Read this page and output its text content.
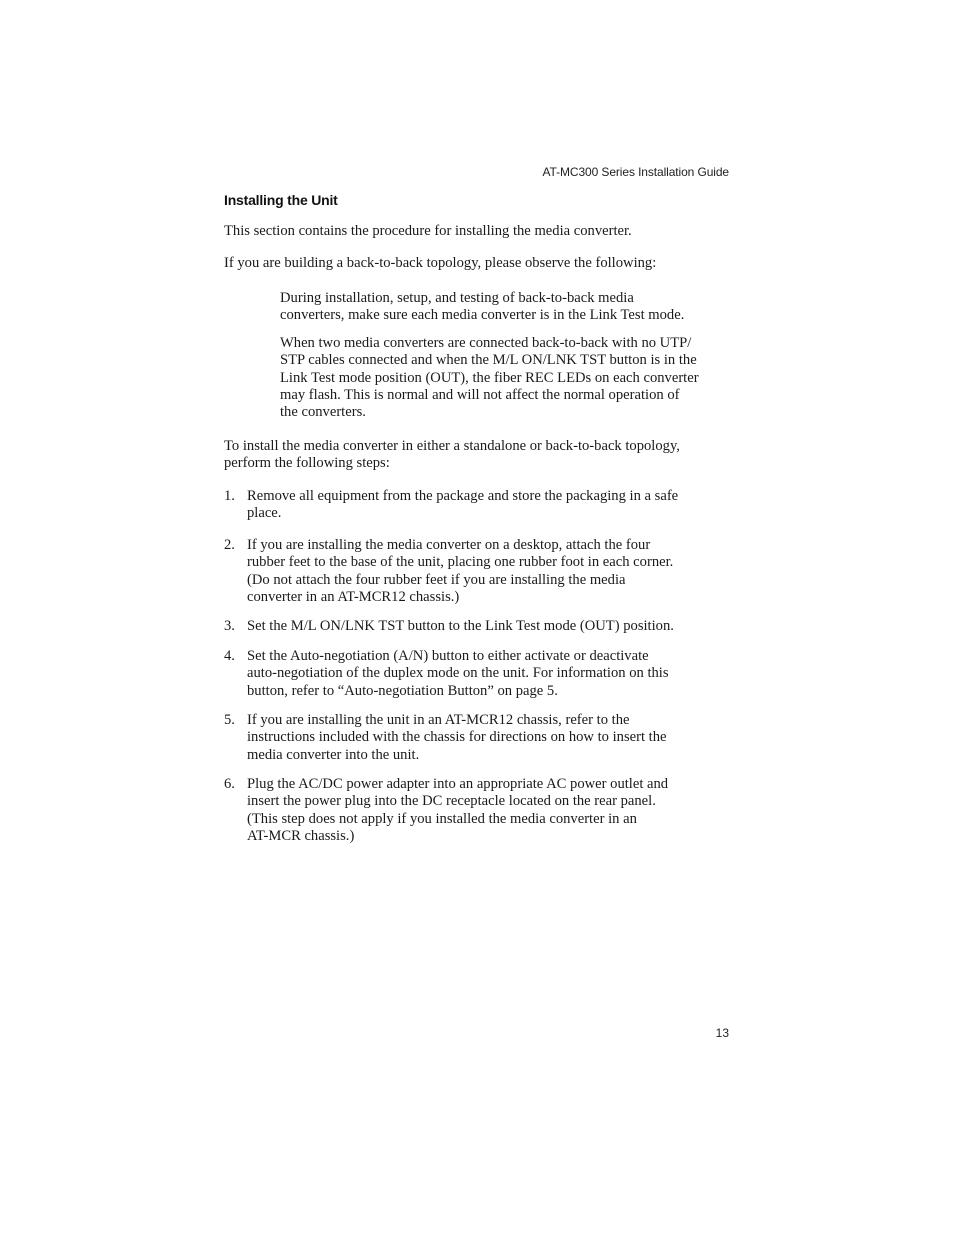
AT-MC300 Series Installation Guide
Installing the Unit

This section contains the procedure for installing the media converter.

If you are building a back-to-back topology, please observe the following:

During installation, setup, and testing of back-to-back media
converters, make sure each media converter is in the Link Test mode.

When two media converters are connected back-to-back with no UTP/
STP cables connected and when the M/L ON/LNK TST button is in the
Link Test mode position (OUT), the fiber REC LEDs on each converter
may flash. This is normal and will not affect the normal operation of
the converters.

To install the media converter in either a standalone or back-to-back topology,
perform the following steps:

1. Remove all equipment from the package and store the packaging in a safe
place.
2. If you are installing the media converter on a desktop, attach the four
rubber feet to the base of the unit, placing one rubber foot in each corner.
(Do not attach the four rubber feet if you are installing the media
converter in an AT-MCR12 chassis.)
3. Set the M/L ON/LNK TST button to the Link Test mode (OUT) position.
4. Set the Auto-negotiation (A/N) button to either activate or deactivate
auto-negotiation of the duplex mode on the unit. For information on this
button, refer to “Auto-negotiation Button” on page 5.
5. If you are installing the unit in an AT-MCR12 chassis, refer to the
instructions included with the chassis for directions on how to insert the
media converter into the unit.
6. Plug the AC/DC power adapter into an appropriate AC power outlet and
insert the power plug into the DC receptacle located on the rear panel.
(This step does not apply if you installed the media converter in an
AT-MCR chassis.)
13
